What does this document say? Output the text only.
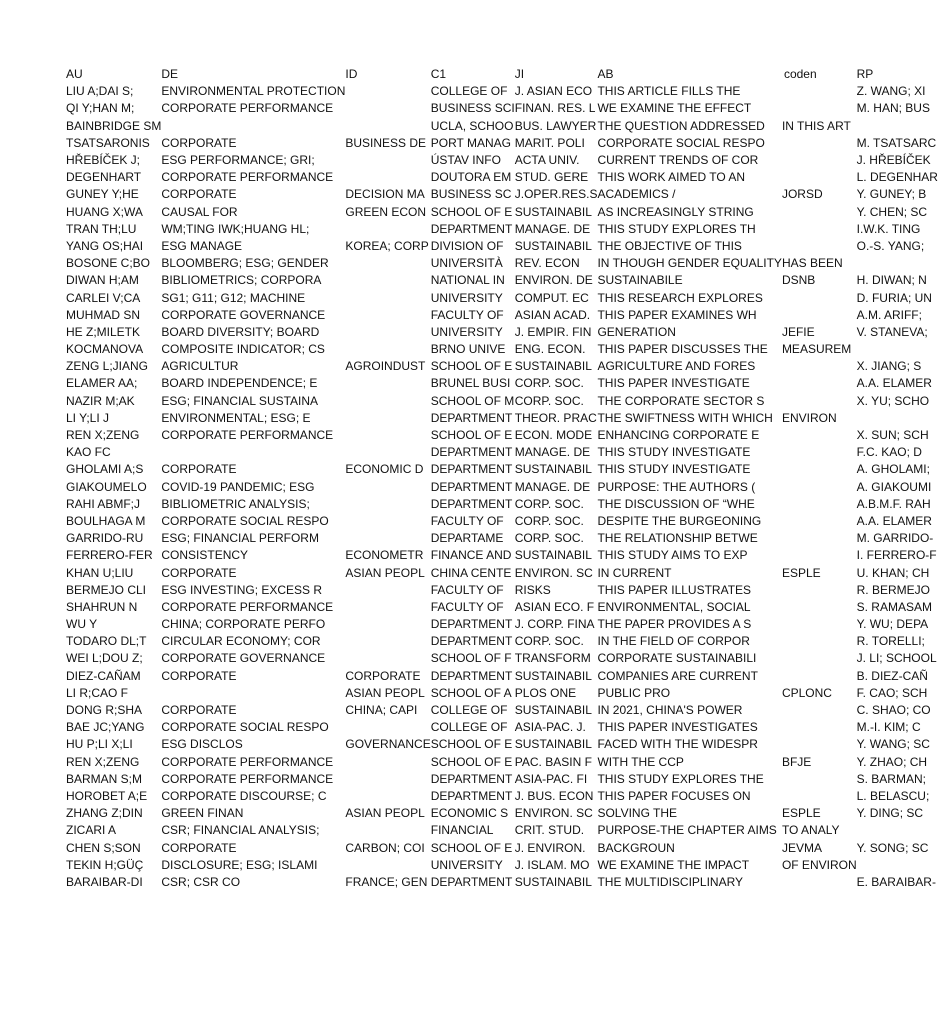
AU	DE	ID	C1	JI	AB	coden	RP
LIU A;DAI S;	ENVIRONMENTAL PROTECTION		COLLEGE OF	J. ASIAN ECO	THIS ARTICLE FILLS THE		Z. WANG; XI
QI Y;HAN M;	CORPORATE PERFORMANCE		BUSINESS SCI	FINAN. RES. L	WE EXAMINE THE EFFECT		M. HAN; BUS
BAINBRIDGE SM			UCLA, SCHOO	BUS. LAWYER	THE QUESTION ADDRESSED	IN THIS ART	
TSATSARONIS	CORPORATE	BUSINESS DE	PORT MANAG	MARIT. POLI	CORPORATE SOCIAL RESPO		M. TSATSARC
HŘEBÍČEK J;	ESG PERFORMANCE; GRI;		ÚSTAV INFO	ACTA UNIV.	CURRENT TRENDS OF COR		J. HŘEBÍČEK
DEGENHART	CORPORATE PERFORMANCE		DOUTORA EM	STUD. GERE	THIS WORK AIMED TO AN		L. DEGENHAR
GUNEY Y;HE	CORPORATE	DECISION MA	BUSINESS SC	J.OPER.RES.S	ACADEMICS /	JORSD	Y. GUNEY; B
HUANG X;WA	CAUSAL FOR	GREEN ECON	SCHOOL OF E	SUSTAINABIL	AS INCREASINGLY STRING		Y. CHEN; SC
TRAN TH;LU	WM;TING IWK;HUANG HL;		DEPARTMENT	MANAGE. DE	THIS STUDY EXPLORES TH		I.W.K. TING
YANG OS;HAI	ESG MANAGE	KOREA; CORP	DIVISION OF	SUSTAINABIL	THE OBJECTIVE OF THIS		O.-S. YANG;
BOSONE C;BO	BLOOMBERG; ESG; GENDER		UNIVERSITÀ	REV. ECON	IN THOUGH GENDER EQUALITY	HAS BEEN	
DIWAN H;AM	BIBLIOMETRICS; CORPORA		NATIONAL IN	ENVIRON. DE	SUSTAINABILE	DSNB	H. DIWAN; N
CARLEI V;CA	SG1; G11; G12; MACHINE		UNIVERSITY	COMPUT. EC	THIS RESEARCH EXPLORES		D. FURIA; UN
MUHMAD SN	CORPORATE GOVERNANCE		FACULTY OF	ASIAN ACAD.	THIS PAPER EXAMINES WH		A.M. ARIFF;
HE Z;MILETK	BOARD DIVERSITY; BOARD		UNIVERSITY	J. EMPIR. FIN	GENERATION	JEFIE	V. STANEVA;
KOCMANOVA	COMPOSITE INDICATOR; CS		BRNO UNIVE	ENG. ECON.	THIS PAPER DISCUSSES THE	MEASUREM	
ZENG L;JIANG	AGRICULTUR	AGROINDUST	SCHOOL OF E	SUSTAINABIL	AGRICULTURE AND FORES		X. JIANG; S
ELAMER AA;	BOARD INDEPENDENCE; E		BRUNEL BUSI	CORP. SOC.	THIS PAPER INVESTIGATE		A.A. ELAMER
NAZIR M;AK	ESG; FINANCIAL SUSTAINA		SCHOOL OF M	CORP. SOC.	THE CORPORATE SECTOR S		X. YU; SCHO
LI Y;LI J	ENVIRONMENTAL; ESG; E		DEPARTMENT	THEOR. PRAC	THE SWIFTNESS WITH WHICH	ENVIRON	
REN X;ZENG	CORPORATE PERFORMANCE		SCHOOL OF E	ECON. MODE	ENHANCING CORPORATE E		X. SUN; SCH
KAO FC			DEPARTMENT	MANAGE. DE	THIS STUDY INVESTIGATE		F.C. KAO; D
GHOLAMI A;S	CORPORATE	ECONOMIC D	DEPARTMENT	SUSTAINABIL	THIS STUDY INVESTIGATE		A. GHOLAMI;
GIAKOUMELO	COVID-19 PANDEMIC; ESG		DEPARTMENT	MANAGE. DE	PURPOSE: THE AUTHORS (		A. GIAKOUMI
RAHI ABMF;J	BIBLIOMETRIC ANALYSIS;		DEPARTMENT	CORP. SOC.	THE DISCUSSION OF “WHE		A.B.M.F. RAH
BOULHAGA M	CORPORATE SOCIAL RESPO		FACULTY OF	CORP. SOC.	DESPITE THE BURGEONING		A.A. ELAMER
GARRIDO-RU	ESG; FINANCIAL PERFORM		DEPARTAME	CORP. SOC.	THE RELATIONSHIP BETWE		M. GARRIDO-
FERRERO-FER	CONSISTENCY	ECONOMETR	FINANCE AND	SUSTAINABIL	THIS STUDY AIMS TO EXP		I. FERRERO-F
KHAN U;LIU	CORPORATE	ASIAN PEOPL	CHINA CENTE	ENVIRON. SC	IN CURRENT	ESPLE	U. KHAN; CH
BERMEJO CLI	ESG INVESTING; EXCESS R		FACULTY OF	RISKS	THIS PAPER ILLUSTRATES		R. BERMEJO
SHAHRUN N	CORPORATE PERFORMANCE		FACULTY OF	ASIAN ECO. F	ENVIRONMENTAL, SOCIAL		S. RAMASAM
WU Y	CHINA; CORPORATE PERFO		DEPARTMENT	J. CORP. FINA	THE PAPER PROVIDES A S		Y. WU; DEPA
TODARO DL;T	CIRCULAR ECONOMY; COR		DEPARTMENT	CORP. SOC.	IN THE FIELD OF CORPOR		R. TORELLI;
WEI L;DOU Z;	CORPORATE GOVERNANCE		SCHOOL OF F	TRANSFORM	CORPORATE SUSTAINABILI		J. LI; SCHOOL
DIEZ-CAÑAM	CORPORATE	CORPORATE	DEPARTMENT	SUSTAINABIL	COMPANIES ARE CURRENT		B. DIEZ-CAÑ
LI R;CAO F		ASIAN PEOPL	SCHOOL OF A	PLOS ONE	PUBLIC PRO	CPLONC	F. CAO; SCH
DONG R;SHA	CORPORATE	CHINA; CAPI	COLLEGE OF	SUSTAINABIL	IN 2021, CHINA'S POWER		C. SHAO; CO
BAE JC;YANG	CORPORATE SOCIAL RESPO		COLLEGE OF	ASIA-PAC. J.	THIS PAPER INVESTIGATES		M.-I. KIM; C
HU P;LI X;LI	ESG DISCLOS	GOVERNANCE	SCHOOL OF E	SUSTAINABIL	FACED WITH THE WIDESPR		Y. WANG; SC
REN X;ZENG	CORPORATE PERFORMANCE		SCHOOL OF E	PAC. BASIN F	WITH THE CCP	BFJE	Y. ZHAO; CH
BARMAN S;M	CORPORATE PERFORMANCE		DEPARTMENT	ASIA-PAC. FI	THIS STUDY EXPLORES THE		S. BARMAN;
HOROBET A;E	CORPORATE DISCOURSE; C		DEPARTMENT	J. BUS. ECON	THIS PAPER FOCUSES ON		L. BELASCU;
ZHANG Z;DIN	GREEN FINAN	ASIAN PEOPL	ECONOMIC S	ENVIRON. SC	SOLVING THE	ESPLE	Y. DING; SC
ZICARI A	CSR; FINANCIAL ANALYSIS;		FINANCIAL	CRIT. STUD.	PURPOSE-THE CHAPTER AIMS	TO ANALY	
CHEN S;SON	CORPORATE	CARBON; COI	SCHOOL OF E	J. ENVIRON.	BACKGROUN	JEVMA	Y. SONG; SC
TEKIN H;GÜÇ	DISCLOSURE; ESG; ISLAMI		UNIVERSITY	J. ISLAM. MO	WE EXAMINE THE IMPACT	OF ENVIRON	
BARAIBAR-DI	CSR; CSR CO	FRANCE; GEN	DEPARTMENT	SUSTAINABIL	THE MULTIDISCIPLINARY		E. BARAIBAR-
